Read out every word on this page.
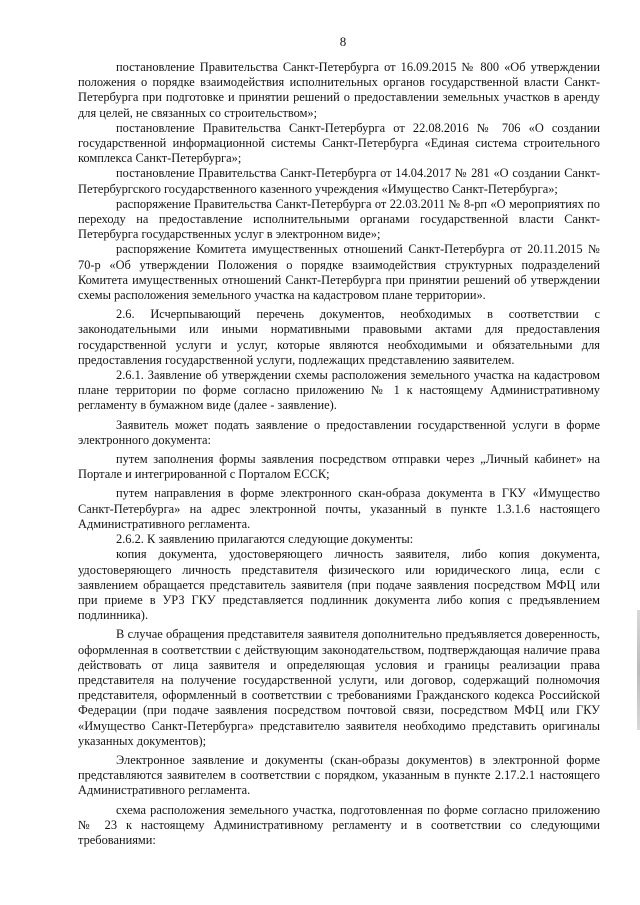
8

постановление Правительства Санкт-Петербурга от 16.09.2015 № 800 «Об утверждении положения о порядке взаимодействия исполнительных органов государственной власти Санкт-Петербурга при подготовке и принятии решений о предоставлении земельных участков в аренду для целей, не связанных со строительством»;

постановление Правительства Санкт-Петербурга от 22.08.2016 № 706 «О создании государственной информационной системы Санкт-Петербурга «Единая система строительного комплекса Санкт-Петербурга»;

постановление Правительства Санкт-Петербурга от 14.04.2017 № 281 «О создании Санкт-Петербургского государственного казенного учреждения «Имущество Санкт-Петербурга»;

распоряжение Правительства Санкт-Петербурга от 22.03.2011 № 8-рп «О мероприятиях по переходу на предоставление исполнительными органами государственной власти Санкт-Петербурга государственных услуг в электронном виде»;

распоряжение Комитета имущественных отношений Санкт-Петербурга от 20.11.2015 № 70-р «Об утверждении Положения о порядке взаимодействия структурных подразделений Комитета имущественных отношений Санкт-Петербурга при принятии решений об утверждении схемы расположения земельного участка на кадастровом плане территории».

2.6. Исчерпывающий перечень документов, необходимых в соответствии с законодательными или иными нормативными правовыми актами для предоставления государственной услуги и услуг, которые являются необходимыми и обязательными для предоставления государственной услуги, подлежащих представлению заявителем.

2.6.1. Заявление об утверждении схемы расположения земельного участка на кадастровом плане территории по форме согласно приложению № 1 к настоящему Административному регламенту в бумажном виде (далее - заявление).

Заявитель может подать заявление о предоставлении государственной услуги в форме электронного документа:

путем заполнения формы заявления посредством отправки через „Личный кабинет» на Портале и интегрированной с Порталом ЕССК;

путем направления в форме электронного скан-образа документа в ГКУ «Имущество Санкт-Петербурга» на адрес электронной почты, указанный в пункте 1.3.1.6 настоящего Административного регламента.

2.6.2. К заявлению прилагаются следующие документы:

копия документа, удостоверяющего личность заявителя, либо копия документа, удостоверяющего личность представителя физического или юридического лица, если с заявлением обращается представитель заявителя (при подаче заявления посредством МФЦ или при приеме в УРЗ ГКУ представляется подлинник документа либо копия с предъявлением подлинника).

В случае обращения представителя заявителя дополнительно предъявляется доверенность, оформленная в соответствии с действующим законодательством, подтверждающая наличие права действовать от лица заявителя и определяющая условия и границы реализации права представителя на получение государственной услуги, или договор, содержащий полномочия представителя, оформленный в соответствии с требованиями Гражданского кодекса Российской Федерации (при подаче заявления посредством почтовой связи, посредством МФЦ или ГКУ «Имущество Санкт-Петербурга» представителю заявителя необходимо представить оригиналы указанных документов);

Электронное заявление и документы (скан-образы документов) в электронной форме представляются заявителем в соответствии с порядком, указанным в пункте 2.17.2.1 настоящего Административного регламента.

схема расположения земельного участка, подготовленная по форме согласно приложению № 23 к настоящему Административному регламенту и в соответствии со следующими требованиями:
